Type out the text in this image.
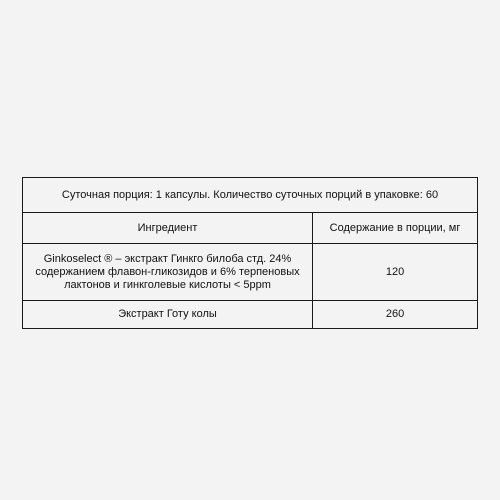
Суточная порция: 1 капсулы. Количество суточных порций в упаковке: 60	
Ингредиент	Содержание в порции, мг
Ginkoselect ® – экстракт Гинкго билоба стд. 24% содержанием флавон-гликозидов и 6% терпеновых лактонов и гинкголевые кислоты < 5ppm	120
Экстракт Готу колы	260
